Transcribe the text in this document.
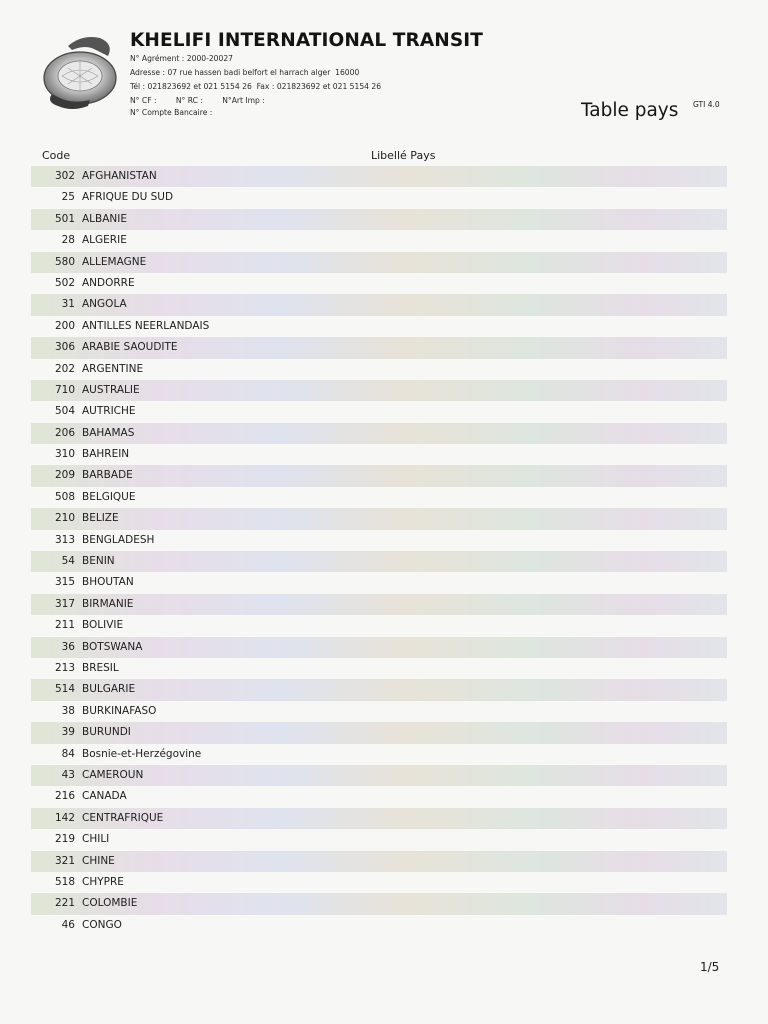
KHELIFI INTERNATIONAL TRANSIT
N° Agrément : 2000-20027
Adresse : 07 rue hassen badi belfort el harrach alger  16000
Tél : 021823692 et 021 5154 26  Fax : 021823692 et 021 5154 26
N° CF :        N° RC :        N°Art Imp :
N° Compte Bancaire :	Table pays GTI 4.0
Code	Libellé Pays
302 AFGHANISTAN
25 AFRIQUE DU SUD
501 ALBANIE
28 ALGERIE
580 ALLEMAGNE
502 ANDORRE
31 ANGOLA
200 ANTILLES NEERLANDAIS
306 ARABIE SAOUDITE
202 ARGENTINE
710 AUSTRALIE
504 AUTRICHE
206 BAHAMAS
310 BAHREIN
209 BARBADE
508 BELGIQUE
210 BELIZE
313 BENGLADESH
54 BENIN
315 BHOUTAN
317 BIRMANIE
211 BOLIVIE
36 BOTSWANA
213 BRESIL
514 BULGARIE
38 BURKINAFASO
39 BURUNDI
84 Bosnie-et-Herzégovine
43 CAMEROUN
216 CANADA
142 CENTRAFRIQUE
219 CHILI
321 CHINE
518 CHYPRE
221 COLOMBIE
46 CONGO
1/5
